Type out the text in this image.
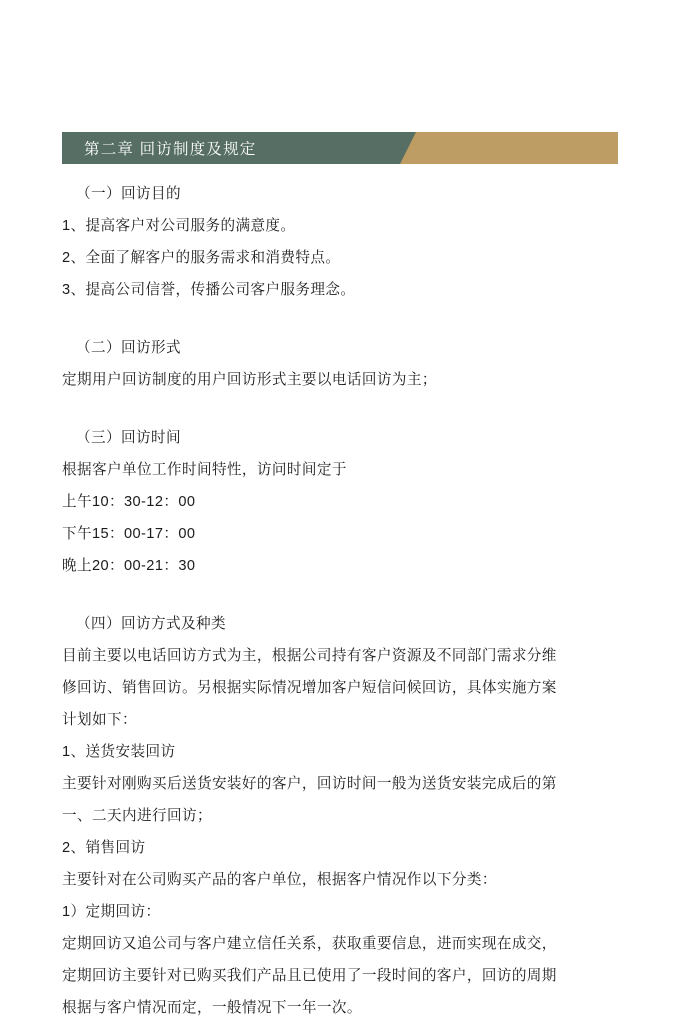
第二章 回访制度及规定

（一）回访目的

1、提高客户对公司服务的满意度。

2、全面了解客户的服务需求和消费特点。

3、提高公司信誉，传播公司客户服务理念。

（二）回访形式

定期用户回访制度的用户回访形式主要以电话回访为主；

（三）回访时间

根据客户单位工作时间特性，访问时间定于

上午10：30-12：00

下午15：00-17：00

晚上20：00-21：30

（四）回访方式及种类

目前主要以电话回访方式为主，根据公司持有客户资源及不同部门需求分维

修回访、销售回访。另根据实际情况增加客户短信问候回访，具体实施方案

计划如下：

1、送货安装回访

主要针对刚购买后送货安装好的客户，回访时间一般为送货安装完成后的第

一、二天内进行回访；

2、销售回访

主要针对在公司购买产品的客户单位，根据客户情况作以下分类：

1）定期回访：

定期回访又追公司与客户建立信任关系，获取重要信息，进而实现在成交，

定期回访主要针对已购买我们产品且已使用了一段时间的客户，回访的周期

根据与客户情况而定，一般情况下一年一次。
